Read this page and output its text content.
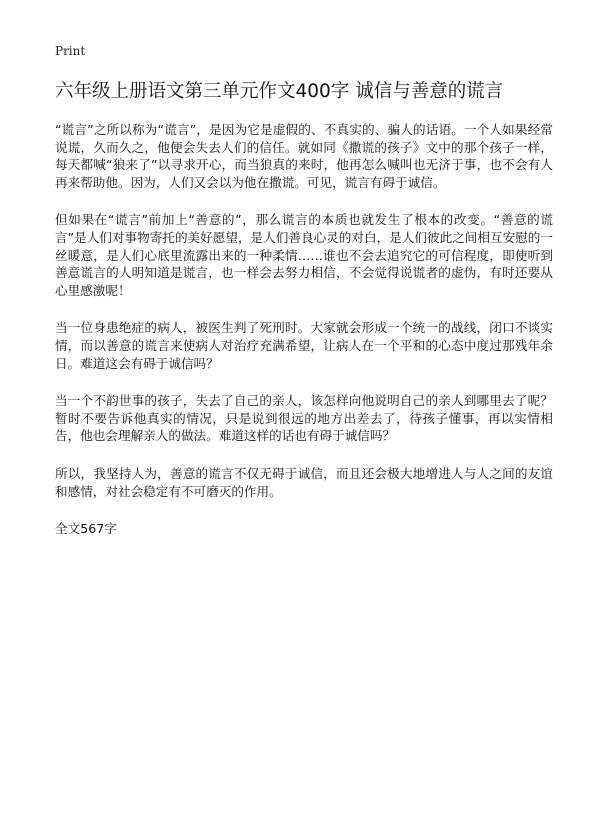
Print
六年级上册语文第三单元作文400字 诚信与善意的谎言

“谎言”之所以称为“谎言”，是因为它是虚假的、不真实的、骗人的话语。一个人如果经常说谎，久而久之，他便会失去人们的信任。就如同《撒谎的孩子》文中的那个孩子一样，每天都喊“狼来了”以寻求开心，而当狼真的来时，他再怎么喊叫也无济于事，也不会有人再来帮助他。因为，人们又会以为他在撒谎。可见，谎言有碍于诚信。

但如果在“谎言”前加上“善意的”，那么谎言的本质也就发生了根本的改变。“善意的谎言”是人们对事物寄托的美好愿望，是人们善良心灵的对白，是人们彼此之间相互安慰的一丝暖意，是人们心底里流露出来的一种柔情……谁也不会去追究它的可信程度，即使听到善意谎言的人明知道是谎言，也一样会去努力相信，不会觉得说谎者的虚伪，有时还要从心里感激呢！

当一位身患绝症的病人，被医生判了死刑时。大家就会形成一个统一的战线，闭口不谈实情，而以善意的谎言来使病人对治疗充满希望，让病人在一个平和的心态中度过那残年余日。难道这会有碍于诚信吗？

当一个不韵世事的孩子，失去了自己的亲人，该怎样向他说明自己的亲人到哪里去了呢？暂时不要告诉他真实的情况，只是说到很远的地方出差去了，待孩子懂事，再以实情相告，他也会理解亲人的做法。难道这样的话也有碍于诚信吗？

所以，我坚持人为，善意的谎言不仅无碍于诚信，而且还会极大地增进人与人之间的友谊和感情，对社会稳定有不可磨灭的作用。

全文567字
